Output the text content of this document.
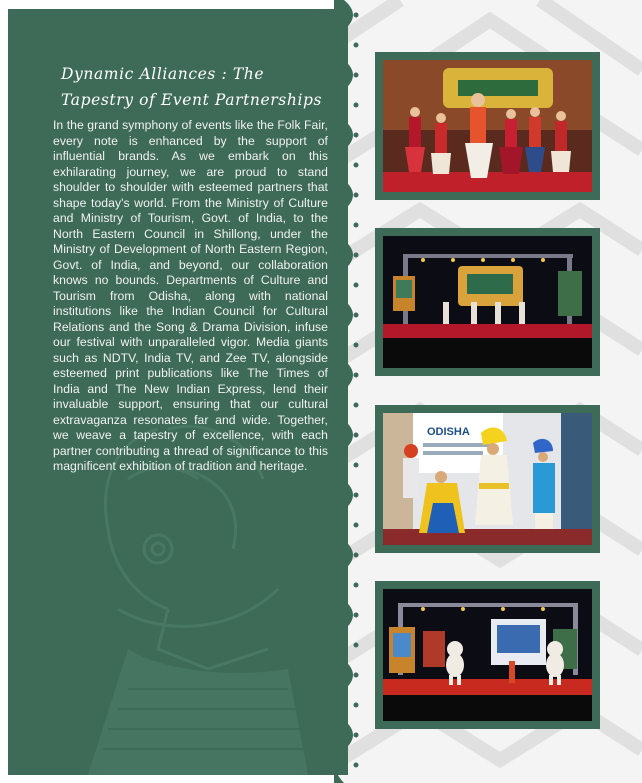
Dynamic Alliances : The
Tapestry of Event Partnerships
In the grand symphony of events like the Folk Fair, every note is enhanced by the support of influential brands. As we embark on this exhilarating journey, we are proud to stand shoulder to shoulder with esteemed partners that shape today's world. From the Ministry of Culture and Ministry of Tourism, Govt. of India, to the North Eastern Council in Shillong, under the Ministry of Development of North Eastern Region, Govt. of India, and beyond, our collaboration knows no bounds. Departments of Culture and Tourism from Odisha, along with national institutions like the Indian Council for Cultural Relations and the Song & Drama Division, infuse our festival with unparalleled vigor. Media giants such as NDTV, India TV, and Zee TV, alongside esteemed print publications like The Times of India and The New Indian Express, lend their invaluable support, ensuring that our cultural extravaganza resonates far and wide. Together, we weave a tapestry of excellence, with each partner contributing a thread of significance to this magnificent exhibition of tradition and heritage.
ODISHA
